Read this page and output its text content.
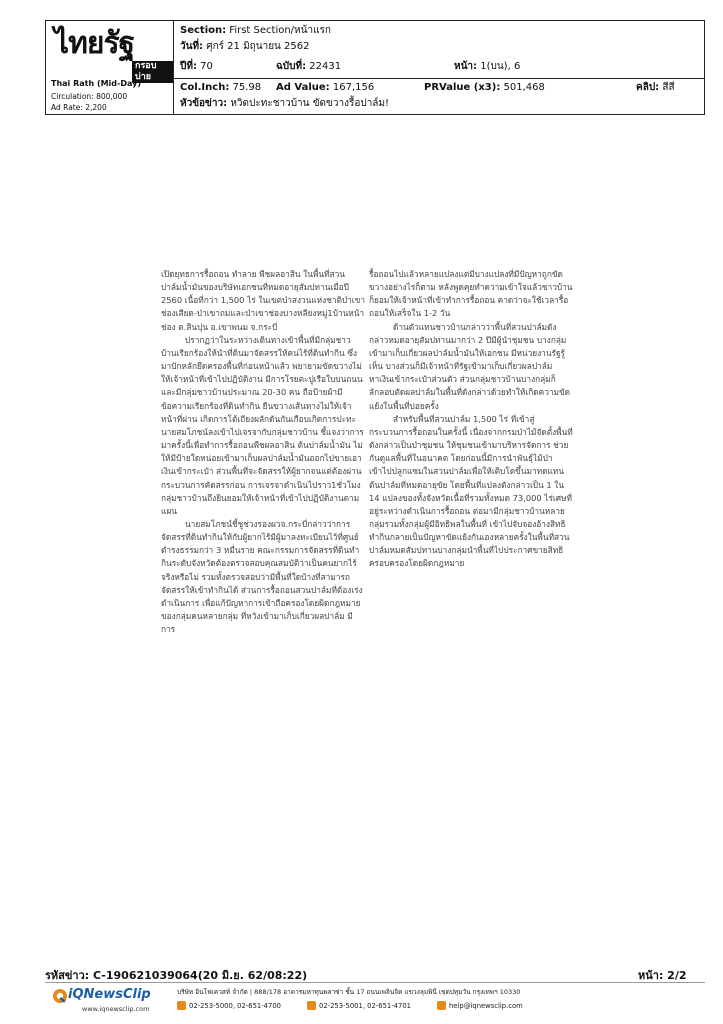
ไทยรัฐ
กรอบบ่าย
Thai Rath (Mid-Day)
Circulation: 800,000
Ad Rate: 2,200
Section: First Section/หน้าแรก
วันที่: ศุกร์ 21 มิถุนายน 2562
ปีที่: 70	ฉบับที่: 22431	หน้า: 1(บน), 6
Col.Inch: 75.98 Ad Value: 167,156	PRValue (x3): 501,468	คลิป: สีสี
หัวข้อข่าว: หวิดปะทะชาวบ้าน ขัดขวางรื้อปาล์ม!

เปิดยุทธการรื้อถอน ทำลาย พืชผลอาสิน ในพื้นที่สวนปาล์มน้ำมันของบริษัทเอกชนที่หมดอายุสัมปทานเมื่อปี 2560 เนื้อที่กว่า 1,500 ไร่ ในเขตป่าสงวนแห่งชาติป่าเขาช่องเสียด-ป่าเขาถมและป่าเขาช่องบางหลียงหมู่1บ้านหน้าช่อง ต.สินปุน อ.เขาพนม จ.กระบี่

ปรากฏว่าในระหว่างเดินทางเข้าพื้นที่มีกลุ่มชาวบ้านเรียกร้องให้นำที่ดินมาจัดสรรให้คนไร้ที่ดินทำกิน ซึ่งมาปักหลักยึดครองพื้นที่ก่อนหน้าแล้ว พยายามขัดขวางไม่ให้เจ้าหน้าที่เข้าไปปฏิบัติงาน มีการโรยตะปูเรือใบบนถนน และมีกลุ่มชาวบ้านประมาณ 20-30 คน ถือป้ายผ้ามีข้อความเรียกร้องที่ดินทำกิน ยืนขวางเส้นทางไม่ให้เจ้าหน้าที่ผ่าน เกิดการโต้เถียงผลักดันกันเกือบเกิดการปะทะ นายสมโภชน์ลงเข้าไปเจรจากับกลุ่มชาวบ้าน ชี้แจงว่าการมาครั้งนี้เพื่อทำการรื้อถอนพืชผลอาสิน ต้นปาล์มน้ำมัน ไม่ให้มีป้ายใดหน่อยเข้ามาเก็บผลปาล์มน้ำมันออกไปขายเอาเงินเข้ากระเป๋า ส่วนพื้นที่จะจัดสรรให้ผู้ยากจนแต่ต้องผ่านกระบวนการคัดสรรก่อน การเจรจาดำเนินไปราว1ชั่วโมงกลุ่มชาวบ้านถึงยินยอมให้เจ้าหน้าที่เข้าไปปฏิบัติงานตามแผน

นายสมโภชน์ชี้ชูช่วงรองผวจ.กระบี่กล่าวว่าการจัดสรรที่ดินทำกินให้กับผู้ยากไร้มีผู้มาลงทะเบียนไว้ที่ศูนย์ดำรงธรรมกว่า 3 หมื่นราย คณะกรรมการจัดสรรที่ดินทำกินระดับจังหวัดต้องตรวจสอบคุณสมบัติว่าเป็นคนยากไร้จริงหรือไม่ รวมทั้งตรวจสอบว่ามีพื้นที่ใดบ้างที่สามารถจัดสรรให้เข้าทำกินได้ ส่วนการรื้อถอนสวนปาล์มที่ต้องเร่งดำเนินการ เพื่อแก้ปัญหาการเข้าถือครองโดยผิดกฎหมายของกลุ่มคนหลายกลุ่ม ที่หวังเข้ามาเก็บเกี่ยวผลปาล์ม มีการ

รื้อถอนไปแล้วหลายแปลงแต่มีบางแปลงที่มีปัญหาถูกขัดขวางอย่างไรก็ตาม หลังพูดคุยทำความเข้าใจแล้วชาวบ้านก็ยอมให้เจ้าหน้าที่เข้าทำการรื้อถอน คาดว่าจะใช้เวลารื้อถอนให้เสร็จใน 1-2 วัน

ด้านตัวแทนชาวบ้านกล่าวว่าพื้นที่สวนปาล์มดังกล่าวหมดอายุสัมปทานมากว่า 2 ปีมีผู้นำชุมชน บางกลุ่มเข้ามาเก็บเกี่ยวผลปาล์มน้ำมันให้เอกชน มีหน่วยงานรัฐรู้เห็น บางส่วนก็มีเจ้าหน้าที่รัฐเข้ามาเก็บเกี่ยวผลปาล์มหาเงินเข้ากระเป๋าส่วนตัว ส่วนกลุ่มชาวบ้านบางกลุ่มก็ลักลอบตัดผลปาล์มในพื้นที่ดังกล่าวด้วยทำให้เกิดความขัดแย้งในพื้นที่บ่อยครั้ง

สำหรับพื้นที่สวนปาล์ม 1,500 ไร่ ที่เข้าสู่กระบวนการรื้อถอนในครั้งนี้ เนื่องจากกรมป่าไม้จัดตั้งพื้นที่ดังกล่าวเป็นป่าชุมชน ให้ชุมชนเข้ามาบริหารจัดการ ช่วยกันดูแลพื้นที่ในอนาคต โดยก่อนนี้มีการนำพันธุ์ไม้ป่าเข้าไปปลูกแซมในสวนปาล์มเพื่อให้เติบโตขึ้นมาทดแทนต้นปาล์มที่หมดอายุขัย โดยพื้นที่แปลงดังกล่าวเป็น 1 ใน 14 แปลงของทั้งจังหวัดเนื้อที่รวมทั้งหมด 73,000 ไร่เศษที่อยู่ระหว่างดำเนินการรื้อถอน ต่อมามีกลุ่มชาวบ้านหลายกลุ่มรวมทั้งกลุ่มผู้มีอิทธิพลในพื้นที่ เข้าไปจับจองอ้างสิทธิทำกินกลายเป็นปัญหาขัดแย้งกันเองหลายครั้งในพื้นที่สวนปาล์มหมดสัมปทานบางกลุ่มนำพื้นที่ไปประกาศขายสิทธิครอบครองโดยผิดกฎหมาย

รหัสข่าว: C-190621039064(20 มิ.ย. 62/08:22)	หน้า: 2/2
iQNewsClip
www.iqnewsclip.com
บริษัท อินโฟเควสท์ จำกัด | 888/178 อาคารมหาทุนพลาซ่า ชั้น 17 ถนนเพลินจิต แขวงลุมพินี เขตปทุมวัน กรุงเทพฯ 10330
02-253-5000, 02-651-4700	02-253-5001, 02-651-4701	help@iqnewsclip.com
